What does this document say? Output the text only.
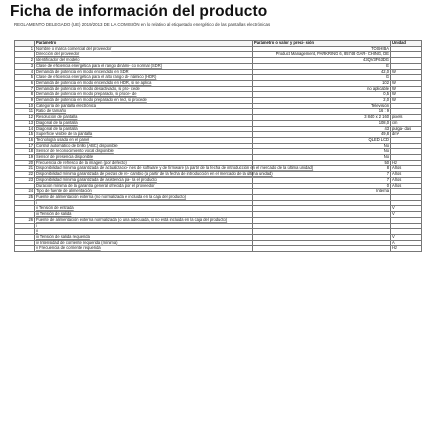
Ficha de información del producto
REGLAMENTO DELEGADO (UE) 2019/2013 DE LA COMISIÓN en lo relativo al etiquetado energético de las pantallas electrónicas
	Parámetro	Parámetro o valor y preci- sión	Unidad
1	Nombre o marca comercial del proveedor	TOSHIBA	
	Dirección del proveedor	Product Management, PARKRING 6, 85748 GAR- CHING, DE	
2	Identificador del modelo	43QV3F63DG	
3	Clase de eficiencia energética para el rango dinámi- co normal (SDR)	E	
4	Demanda de potencia en modo encendido en SDR	42,0	W
5	Clase de eficiencia energética para el alto rango di- námico (HDR)	G	
6	Demanda de potencia en modo encendido en HDR, si se aplica	102	W
7	Demanda de potencia en modo desactivado, si pro- cede	no aplicable	W
8	Demanda de potencia en modo preparado, si proce- de	0,5	W
9	Demanda de potencia en modo preparado en red, si procede	2,0	W
10	Categoría de pantalla electrónica	Televisión	
11	Ratio de tamaño	16 : 9	
12	Resolución de pantalla	3 840 x 2 160	pixels
13	Diagonal de la pantalla	108,0	cm
14	Diagonal de la pantalla	43	pulga- das
15	Superficie visible de la pantalla	49,8	dm²
16	Tecnología usada en el panel	QLED LCD	
17	Control automático de brillo (ABC) disponible	No	
18	Sensor de reconocimiento vocal disponible	No	
19	Sensor de presencia disponible	No	
20	Frecuencia de refresco de la imagen (por defecto)	50	Hz
21	Disponibilidad mínima garantizada de actualizacio- nes de software y de firmware (a partir de la fecha de introducción en el mercado de la última unidad)	8	Años
22	Disponibilidad mínima garantizada de piezas de re- cambio (a partir de la fecha de introducción en el mercado de la última unidad)	7	Años
23	Disponibilidad mínima garantizada de asistencia pa- ra el producto	7	Años
	Duración mínima de la garantía general ofrecida por el proveedor	0	Años
24	Tipo de fuente de alimentación	Interna	
25	Fuente de alimentación externa (no normalizada e incluida en la caja del producto)		
	i		
	ii Tensión de entrada		V
	iii Tensión de salida		V
26	Fuente de alimentación externa normalizada (o una adecuada, si no está incluida en la caja del producto)		
	i		
	ii		
	iii Tensión de salida requerida		V
	iv Intensidad de corriente requerida (mínima)		A
	v Frecuencia de corriente requerida		Hz
